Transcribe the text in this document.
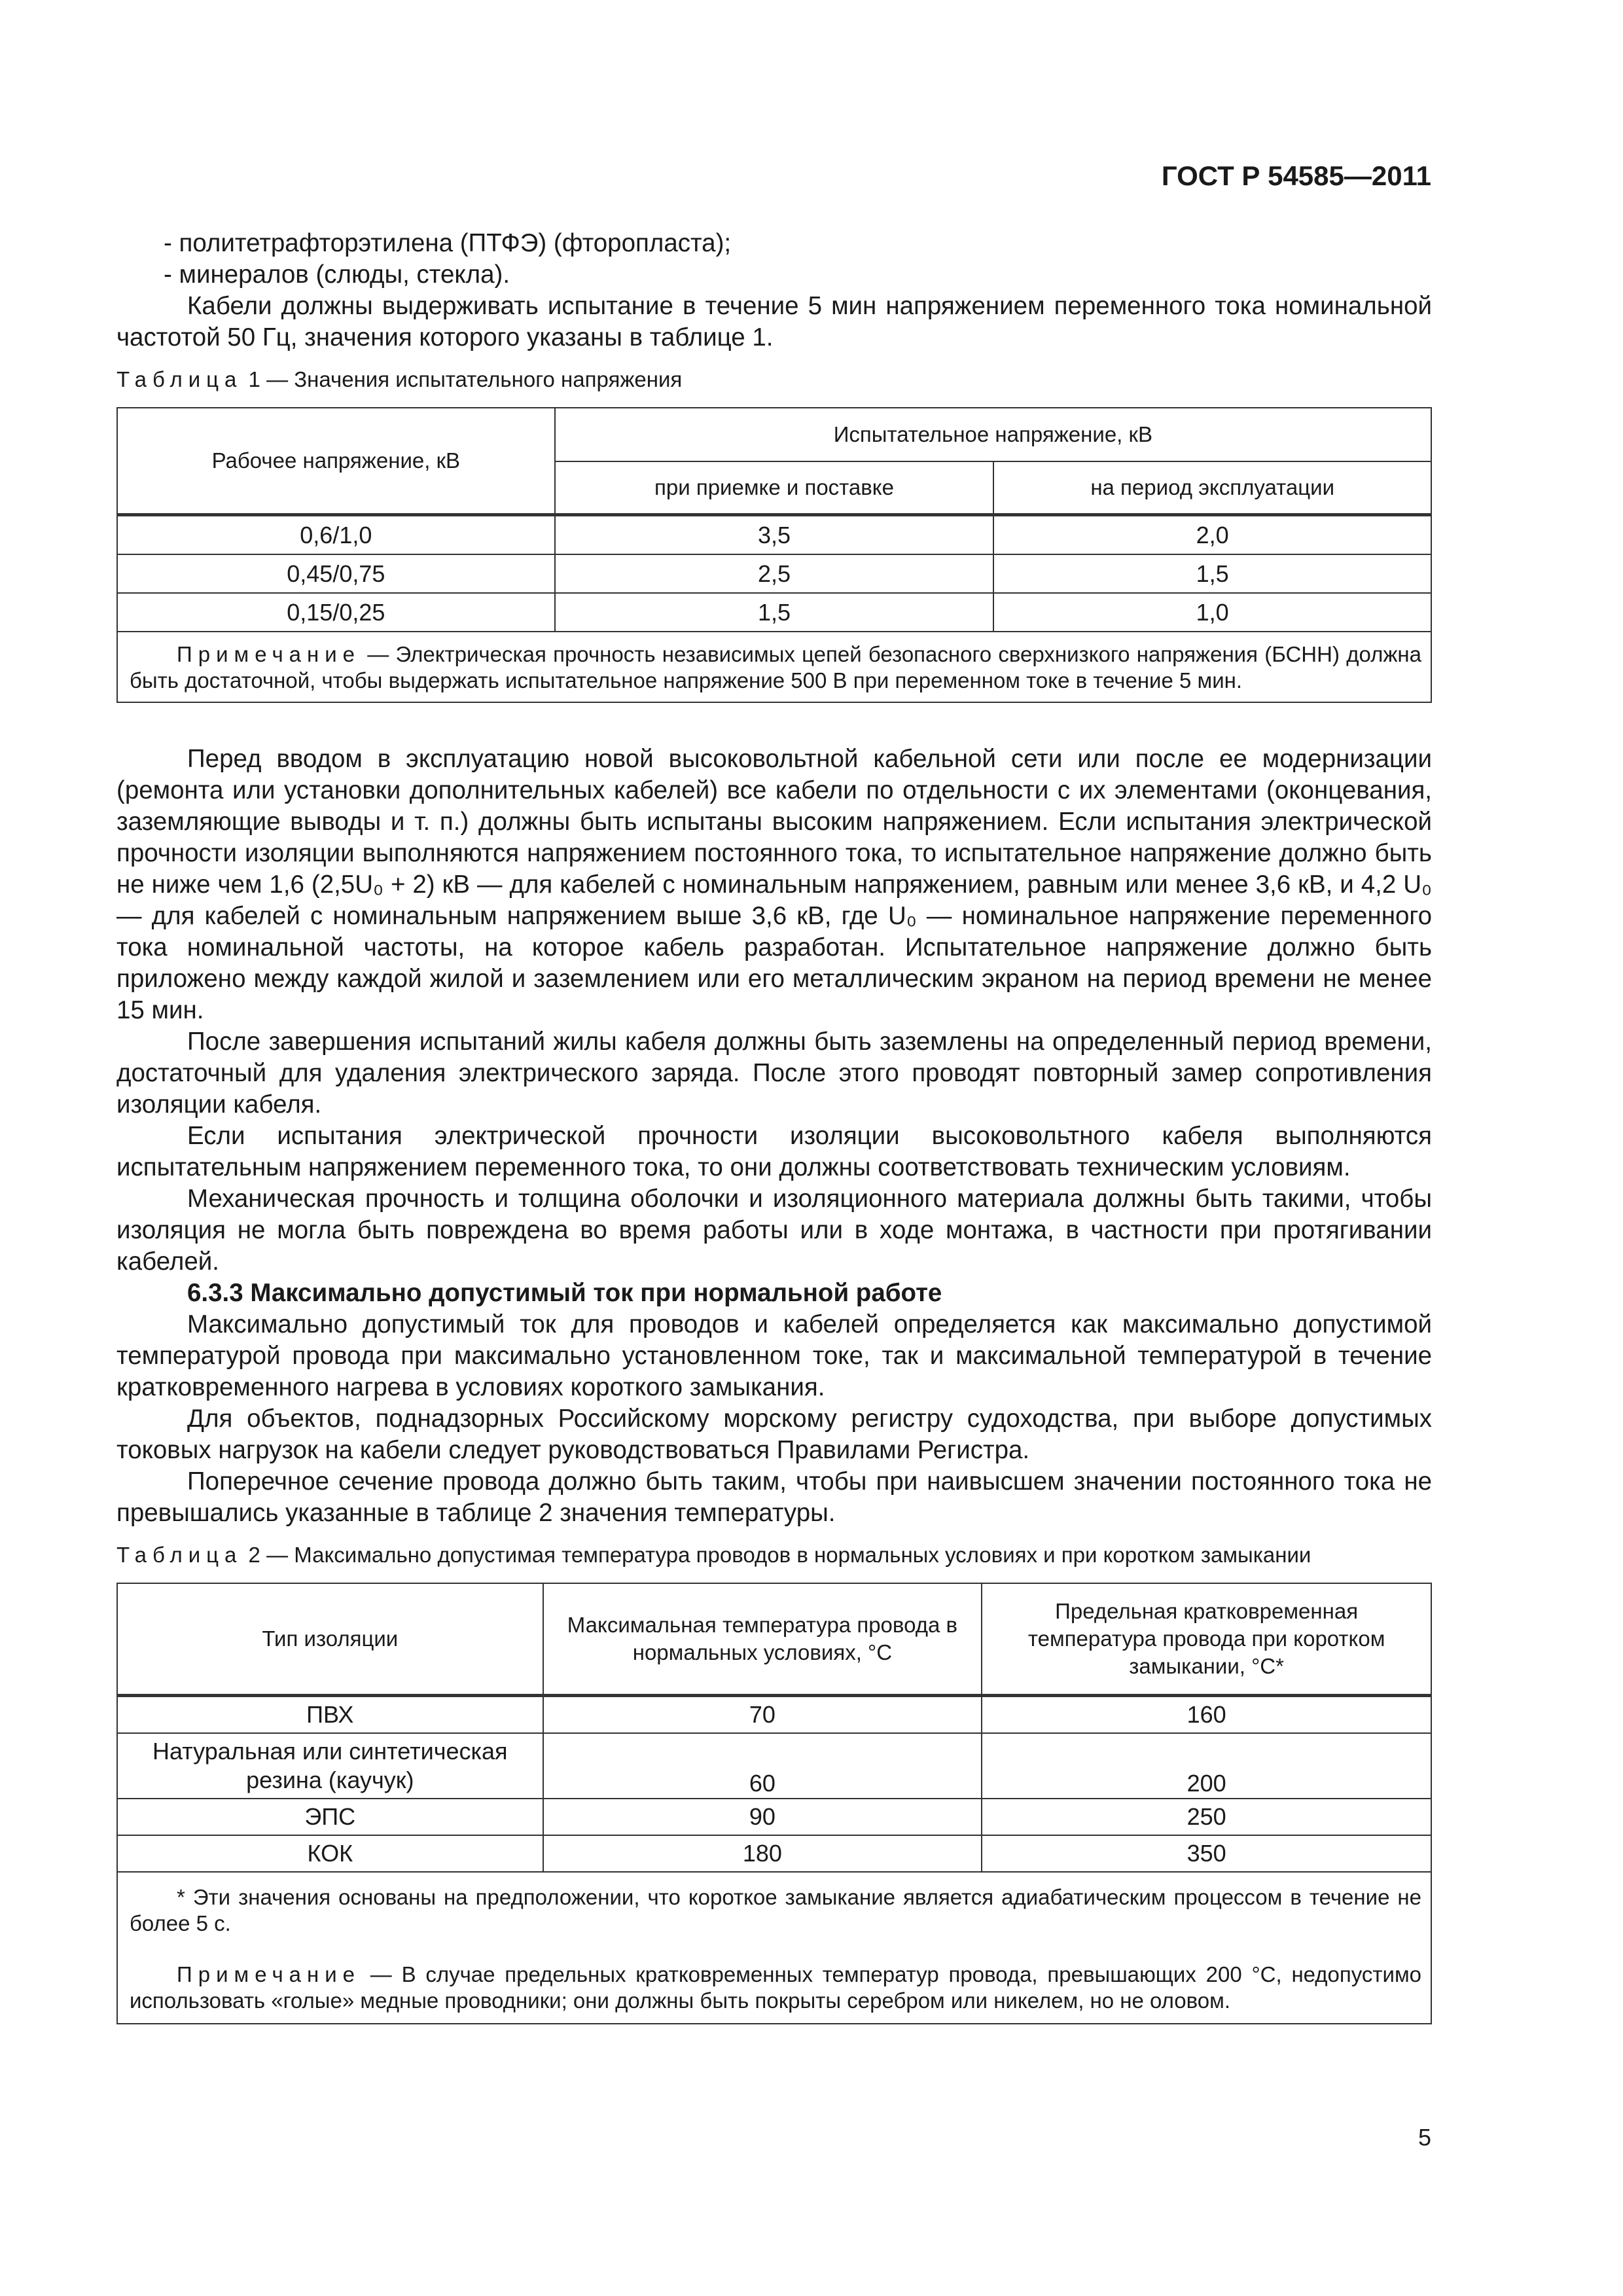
ГОСТ Р 54585—2011

- политетрафторэтилена (ПТФЭ) (фторопласта);

- минералов (слюды, стекла).

Кабели должны выдерживать испытание в течение 5 мин напряжением переменного тока номинальной частотой 50 Гц, значения которого указаны в таблице 1.

Таблица 1 — Значения испытательного напряжения

Рабочее напряжение, кВ	Испытательное напряжение, кВ	
	при приемке и поставке	на период эксплуатации
0,6/1,0	3,5	2,0
0,45/0,75	2,5	1,5
0,15/0,25	1,5	1,0

Примечание — Электрическая прочность независимых цепей безопасного сверхнизкого напряжения (БСНН) должна быть достаточной, чтобы выдержать испытательное напряжение 500 В при переменном токе в течение 5 мин.		

Перед вводом в эксплуатацию новой высоковольтной кабельной сети или после ее модернизации (ремонта или установки дополнительных кабелей) все кабели по отдельности с их элементами (оконцевания, заземляющие выводы и т. п.) должны быть испытаны высоким напряжением. Если испытания электрической прочности изоляции выполняются напряжением постоянного тока, то испытательное напряжение должно быть не ниже чем 1,6 (2,5U₀ + 2) кВ — для кабелей с номинальным напряжением, равным или менее 3,6 кВ, и 4,2 U₀ — для кабелей с номинальным напряжением выше 3,6 кВ, где U₀ — номинальное напряжение переменного тока номинальной частоты, на которое кабель разработан. Испытательное напряжение должно быть приложено между каждой жилой и заземлением или его металлическим экраном на период времени не менее 15 мин.

После завершения испытаний жилы кабеля должны быть заземлены на определенный период времени, достаточный для удаления электрического заряда. После этого проводят повторный замер сопротивления изоляции кабеля.

Если испытания электрической прочности изоляции высоковольтного кабеля выполняются испытательным напряжением переменного тока, то они должны соответствовать техническим условиям.

Механическая прочность и толщина оболочки и изоляционного материала должны быть такими, чтобы изоляция не могла быть повреждена во время работы или в ходе монтажа, в частности при протягивании кабелей.

6.3.3 Максимально допустимый ток при нормальной работе

Максимально допустимый ток для проводов и кабелей определяется как максимально допустимой температурой провода при максимально установленном токе, так и максимальной температурой в течение кратковременного нагрева в условиях короткого замыкания.

Для объектов, поднадзорных Российскому морскому регистру судоходства, при выборе допустимых токовых нагрузок на кабели следует руководствоваться Правилами Регистра.

Поперечное сечение провода должно быть таким, чтобы при наивысшем значении постоянного тока не превышались указанные в таблице 2 значения температуры.

Таблица 2 — Максимально допустимая температура проводов в нормальных условиях и при коротком замыкании

Тип изоляции	Максимальная температура провода в нормальных условиях, °C	Предельная кратковременная температура провода при коротком замыкании, °C*
ПВХ	70	160
Натуральная или синтетическая резина (каучук)	60	200
ЭПС	90	250
КОК	180	350

* Эти значения основаны на предположении, что короткое замыкание является адиабатическим процессом в течение не более 5 с.

Примечание — В случае предельных кратковременных температур провода, превышающих 200 °C, недопустимо использовать «голые» медные проводники; они должны быть покрыты серебром или никелем, но не оловом.		

5
